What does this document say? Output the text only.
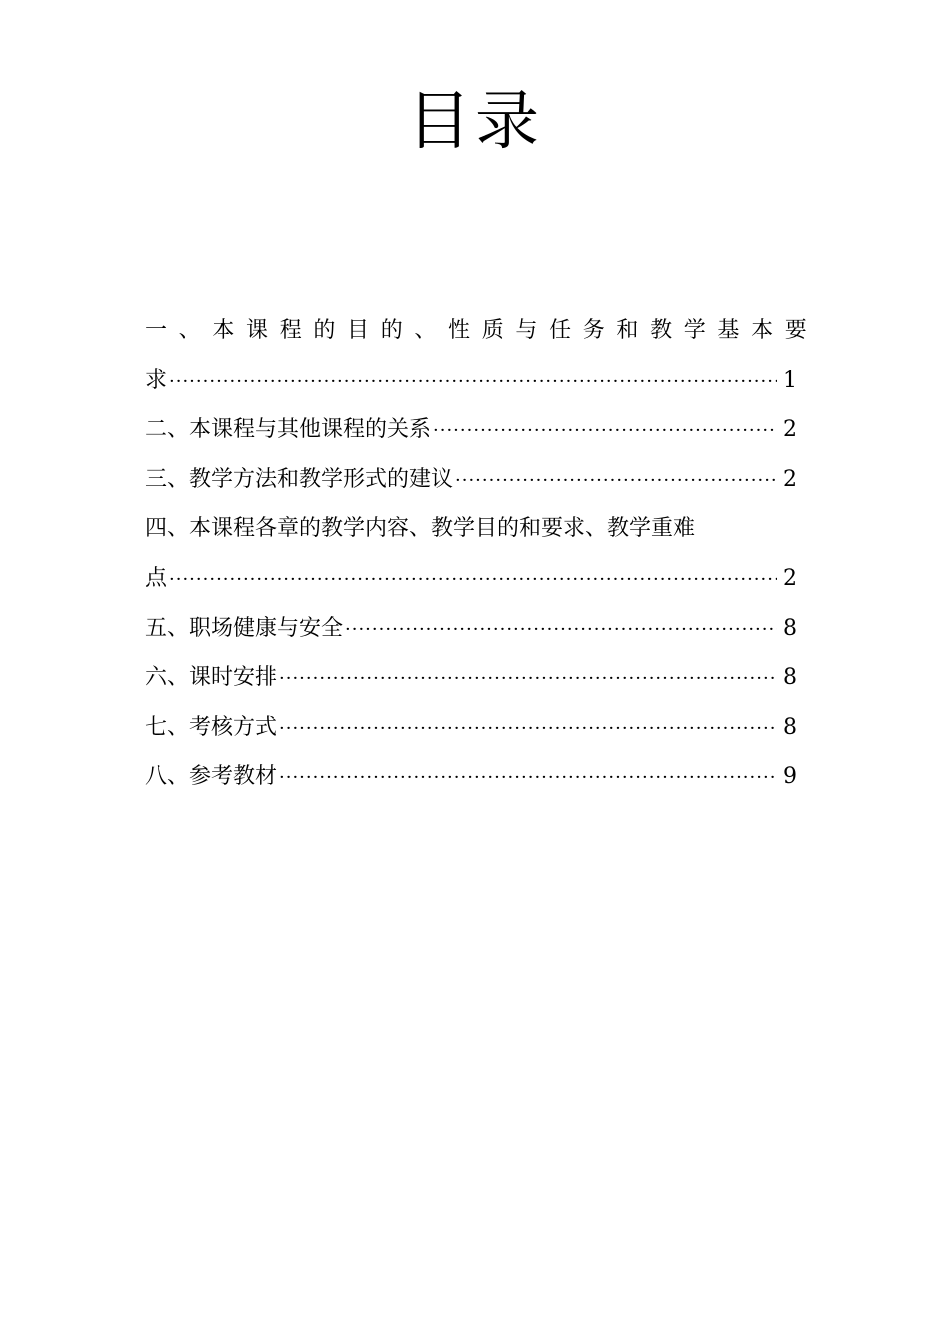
目录
一 、 本 课 程 的 目 的 、 性 质 与 任 务 和 教 学 基 本 要
求 ·····	1
二、本课程与其他课程的关系 ·····	2
三、教学方法和教学形式的建议 ·····	2
四、本课程各章的教学内容、教学目的和要求、教学重难
点 ·····	2
五、职场健康与安全 ·····	8
六、课时安排 ·····	8
七、考核方式 ·····	8
八、参考教材 ·····	9
